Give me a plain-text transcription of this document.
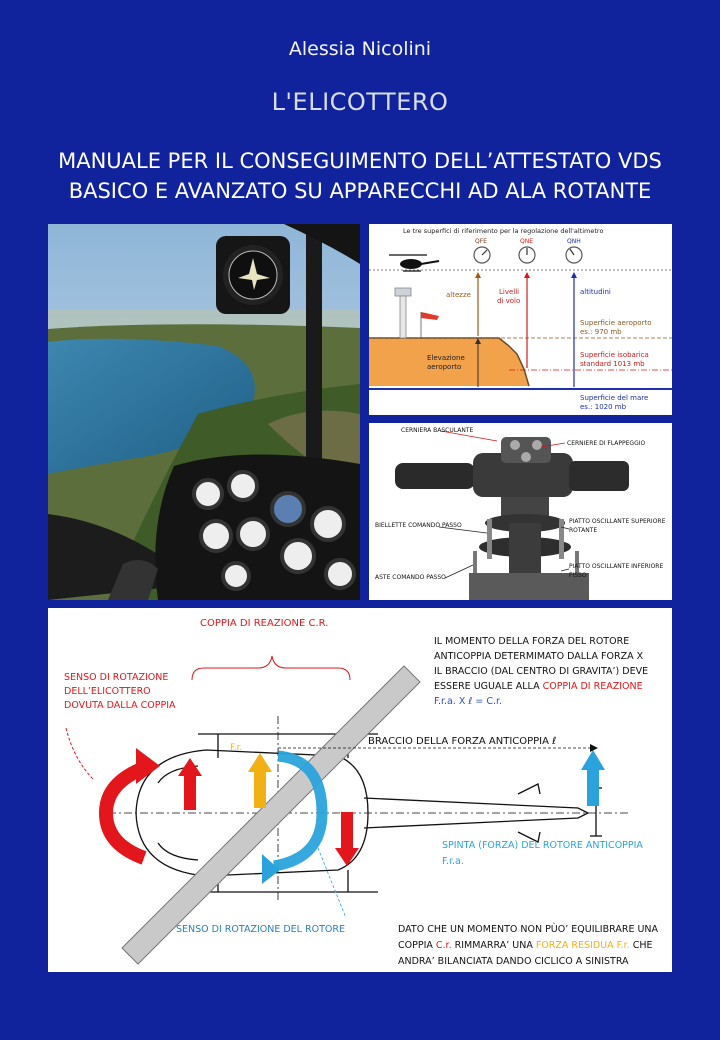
Alessia Nicolini
L'ELICOTTERO
MANUALE PER IL CONSEGUIMENTO DELL’ATTESTATO VDS
BASICO E AVANZATO SU APPARECCHI AD ALA ROTANTE
Le tre superfici di riferimento per la regolazione dell'altimetro
QFE	QNE	QNH
altezze	Livelli
di volo
altitudini
Superficie aeroporto
es.: 970 mb
Elevazione
aeroporto
Superficie isobarica
standard 1013 mb
Superficie del mare
es.: 1020 mb
CERNIERA BASCULANTE
CERNIERE DI FLAPPEGGIO
BIELLETTE COMANDO PASSO
PIATTO OSCILLANTE SUPERIORE
ROTANTE
ASTE COMANDO PASSO
PIATTO OSCILLANTE INFERIORE
FISSO
COPPIA DI REAZIONE C.R.
F.r.
BRACCIO DELLA FORZA ANTICOPPIA ℓ
SENSO DI ROTAZIONE
DELL’ELICOTTERO
DOVUTA DALLA COPPIA
IL MOMENTO DELLA FORZA DEL ROTORE
ANTICOPPIA DETERMIMATO DALLA FORZA X
IL BRACCIO (DAL CENTRO DI GRAVITA’) DEVE
ESSERE UGUALE ALLA COPPIA DI REAZIONE
F.r.a. X ℓ = C.r.
SPINTA (FORZA) DEL ROTORE ANTICOPPIA
F.r.a.
SENSO DI ROTAZIONE DEL ROTORE	DATO CHE UN MOMENTO NON PÙO’ EQUILIBRARE UNA
COPPIA C.r. RIMMARRA’ UNA FORZA RESIDUA F.r. CHE
ANDRA’ BILANCIATA DANDO CICLICO A SINISTRA
